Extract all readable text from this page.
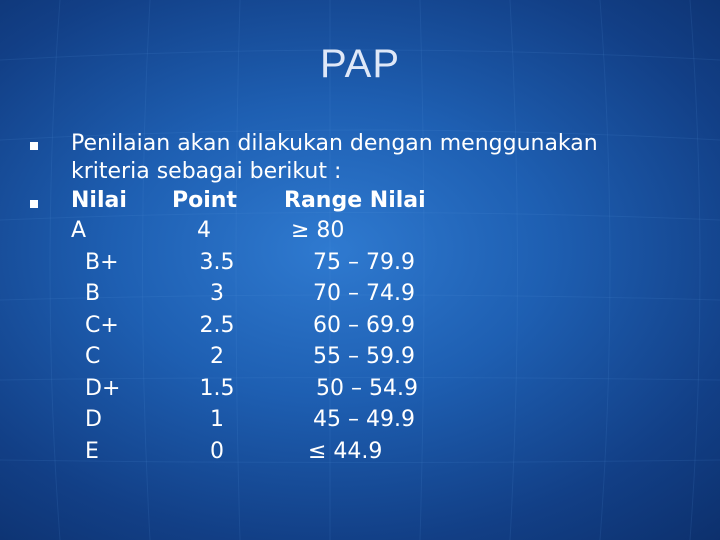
PAP
Penilaian akan dilakukan dengan menggunakan
kriteria sebagai berikut :
Nilai Point Range Nilai
A	4	≥ 80
B+	3.5	75 – 79.9
B	3	70 – 74.9
C+	2.5	60 – 69.9
C	2	55 – 59.9
D+	1.5	50 – 54.9
D	1	45 – 49.9
E	0	≤ 44.9
